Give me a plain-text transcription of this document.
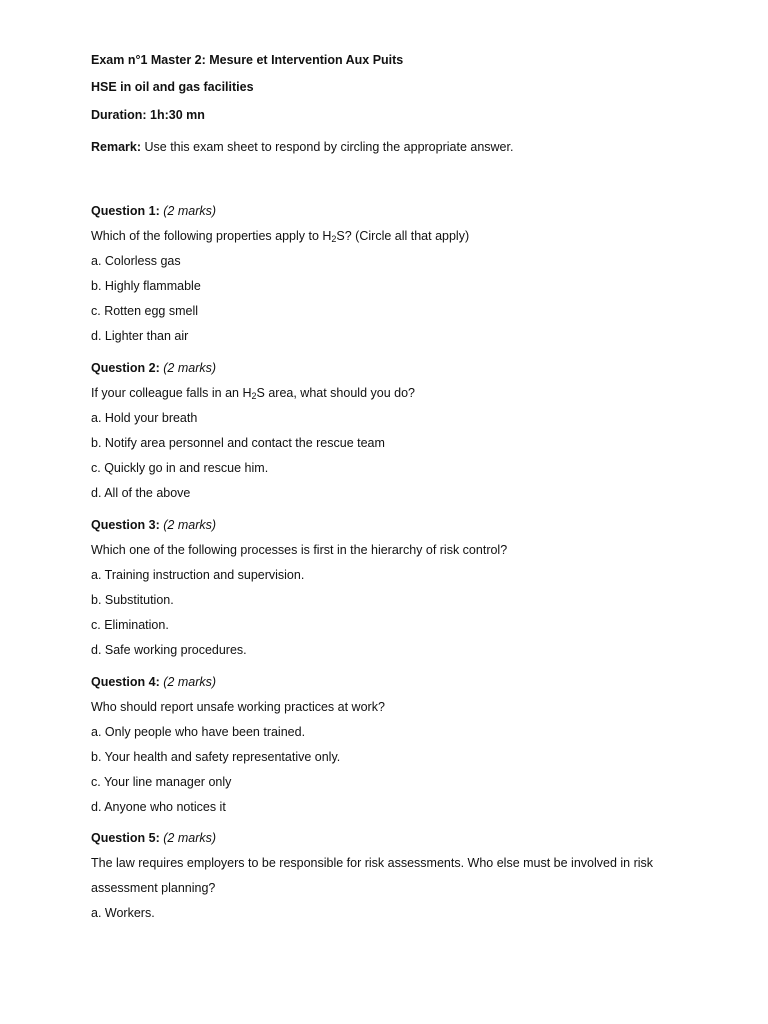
Exam n°1 Master 2: Mesure et Intervention Aux Puits
HSE in oil and gas facilities
Duration: 1h:30 mn
Remark: Use this exam sheet to respond by circling the appropriate answer.
Question 1: (2 marks)
Which of the following properties apply to $H_2S$? (Circle all that apply)
a. Colorless gas
b. Highly flammable
c. Rotten egg smell
d. Lighter than air
Question 2: (2 marks)
If your colleague falls in an $H_2S$ area, what should you do?
a. Hold your breath
b. Notify area personnel and contact the rescue team
c. Quickly go in and rescue him.
d. All of the above
Question 3: (2 marks)
Which one of the following processes is first in the hierarchy of risk control?
a. Training instruction and supervision.
b. Substitution.
c. Elimination.
d. Safe working procedures.
Question 4: (2 marks)
Who should report unsafe working practices at work?
a. Only people who have been trained.
b. Your health and safety representative only.
c. Your line manager only
d. Anyone who notices it
Question 5: (2 marks)
The law requires employers to be responsible for risk assessments. Who else must be involved in risk
assessment planning?
a. Workers.
